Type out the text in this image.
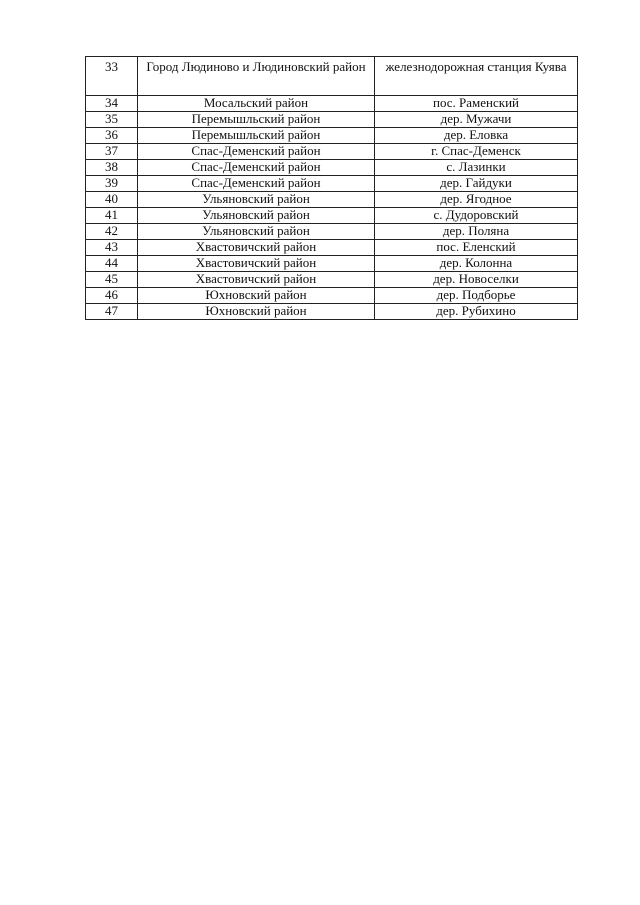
33	Город Людиново и Людиновский район	железнодорожная станция Куява
34	Мосальский район	пос. Раменский
35	Перемышльский район	дер. Мужачи
36	Перемышльский район	дер. Еловка
37	Спас-Деменский район	г. Спас-Деменск
38	Спас-Деменский район	с. Лазинки
39	Спас-Деменский район	дер. Гайдуки
40	Ульяновский район	дер. Ягодное
41	Ульяновский район	с. Дудоровский
42	Ульяновский район	дер. Поляна
43	Хвастовичский район	пос. Еленский
44	Хвастовичский район	дер. Колонна
45	Хвастовичский район	дер. Новоселки
46	Юхновский район	дер. Подборье
47	Юхновский район	дер. Рубихино
